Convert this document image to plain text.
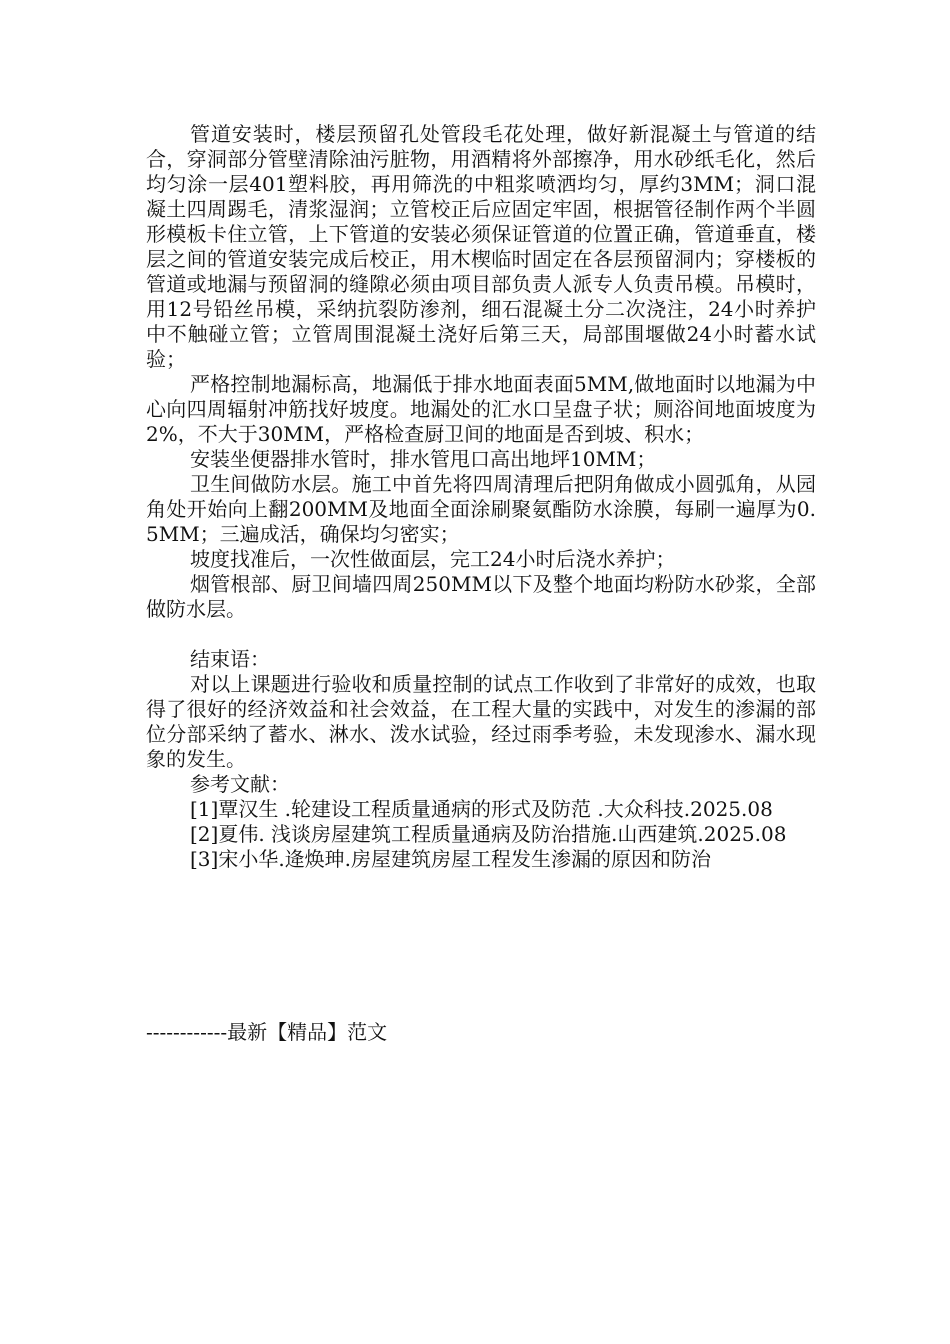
管道安装时，楼层预留孔处管段毛花处理，做好新混凝土与管道的结合，穿洞部分管壁清除油污脏物，用酒精将外部擦净，用水砂纸毛化，然后均匀涂一层401塑料胶，再用筛洗的中粗浆喷洒均匀，厚约3MM；洞口混凝土四周踢毛，清浆湿润；立管校正后应固定牢固，根据管径制作两个半圆形模板卡住立管，上下管道的安装必须保证管道的位置正确，管道垂直，楼层之间的管道安装完成后校正，用木楔临时固定在各层预留洞内；穿楼板的管道或地漏与预留洞的缝隙必须由项目部负责人派专人负责吊模。吊模时，用12号铅丝吊模，采纳抗裂防渗剂，细石混凝土分二次浇注，24小时养护中不触碰立管；立管周围混凝土浇好后第三天，局部围堰做24小时蓄水试验；

严格控制地漏标高，地漏低于排水地面表面5MM,做地面时以地漏为中心向四周辐射冲筋找好坡度。地漏处的汇水口呈盘子状；厕浴间地面坡度为2%，不大于30MM，严格检查厨卫间的地面是否到坡、积水；

安装坐便器排水管时，排水管甩口高出地坪10MM；

卫生间做防水层。施工中首先将四周清理后把阴角做成小圆弧角，从园角处开始向上翻200MM及地面全面涂刷聚氨酯防水涂膜，每刷一遍厚为0.5MM；三遍成活，确保均匀密实；

坡度找准后，一次性做面层，完工24小时后浇水养护；

烟管根部、厨卫间墙四周250MM以下及整个地面均粉防水砂浆，全部做防水层。

结束语：

对以上课题进行验收和质量控制的试点工作收到了非常好的成效，也取得了很好的经济效益和社会效益，在工程大量的实践中，对发生的渗漏的部位分部采纳了蓄水、淋水、泼水试验，经过雨季考验，未发现渗水、漏水现象的发生。

参考文献：

[1]覃汉生 .轮建设工程质量通病的形式及防范 .大众科技.2025.08

[2]夏伟. 浅谈房屋建筑工程质量通病及防治措施.山西建筑.2025.08

[3]宋小华.逄焕珅.房屋建筑房屋工程发生渗漏的原因和防治

------------最新【精品】范文
